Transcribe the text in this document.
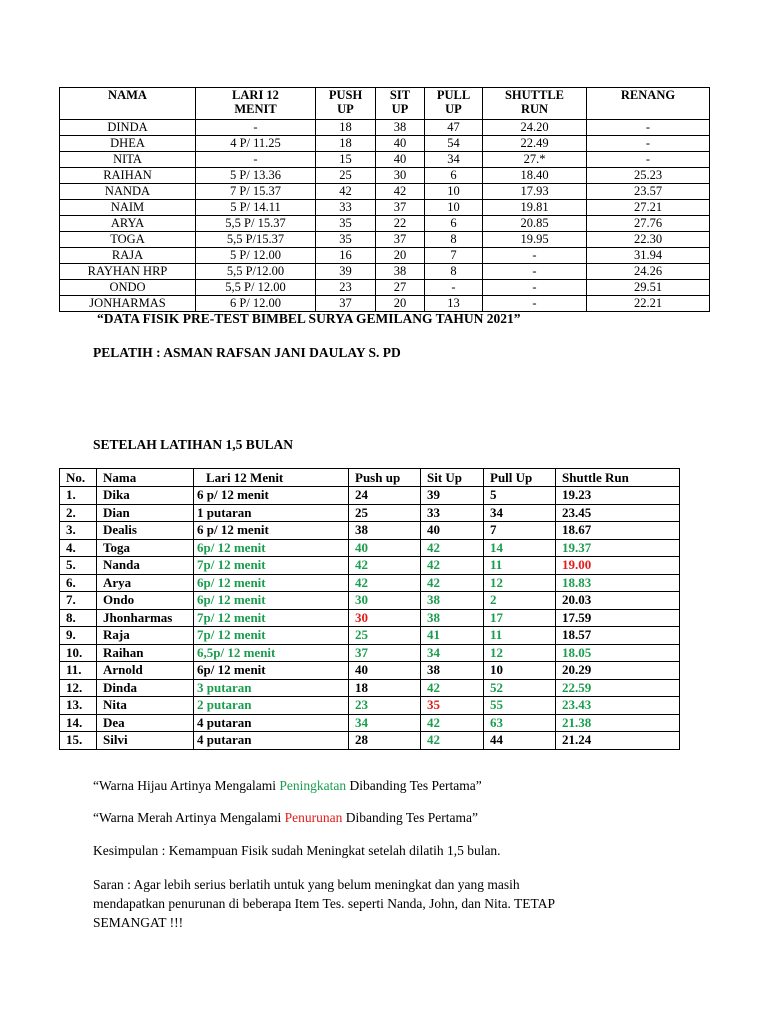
NAMA	LARI 12 MENIT	PUSH UP	SIT UP	PULL UP	SHUTTLE RUN	RENANG
DINDA	-	18	38	47	24.20	-
DHEA	4 P/ 11.25	18	40	54	22.49	-
NITA	-	15	40	34	27.*	-
RAIHAN	5 P/ 13.36	25	30	6	18.40	25.23
NANDA	7 P/ 15.37	42	42	10	17.93	23.57
NAIM	5 P/ 14.11	33	37	10	19.81	27.21
ARYA	5,5 P/ 15.37	35	22	6	20.85	27.76
TOGA	5,5 P/15.37	35	37	8	19.95	22.30
RAJA	5 P/ 12.00	16	20	7	-	31.94
RAYHAN HRP	5,5 P/12.00	39	38	8	-	24.26
ONDO	5,5 P/ 12.00	23	27	-	-	29.51
JONHARMAS	6 P/ 12.00	37	20	13	-	22.21
“DATA FISIK PRE-TEST BIMBEL SURYA GEMILANG TAHUN 2021”
PELATIH : ASMAN RAFSAN JANI DAULAY S. PD
SETELAH LATIHAN 1,5 BULAN
No.	Nama	Lari 12 Menit	Push up	Sit Up	Pull Up	Shuttle Run
1.	Dika	6 p/ 12 menit	24	39	5	19.23
2.	Dian	1 putaran	25	33	34	23.45
3.	Dealis	6 p/ 12 menit	38	40	7	18.67
4.	Toga	6p/ 12 menit	40	42	14	19.37
5.	Nanda	7p/ 12 menit	42	42	11	19.00
6.	Arya	6p/ 12 menit	42	42	12	18.83
7.	Ondo	6p/ 12 menit	30	38	2	20.03
8.	Jhonharmas	7p/ 12 menit	30	38	17	17.59
9.	Raja	7p/ 12 menit	25	41	11	18.57
10.	Raihan	6,5p/ 12 menit	37	34	12	18.05
11.	Arnold	6p/ 12 menit	40	38	10	20.29
12.	Dinda	3 putaran	18	42	52	22.59
13.	Nita	2 putaran	23	35	55	23.43
14.	Dea	4 putaran	34	42	63	21.38
15.	Silvi	4 putaran	28	42	44	21.24
“Warna Hijau Artinya Mengalami Peningkatan Dibanding Tes Pertama”
“Warna Merah Artinya Mengalami Penurunan Dibanding Tes Pertama”
Kesimpulan : Kemampuan Fisik sudah Meningkat setelah dilatih 1,5 bulan.
Saran : Agar lebih serius berlatih untuk yang belum meningkat dan yang masih
mendapatkan penurunan di beberapa Item Tes. seperti Nanda, John, dan Nita. TETAP
SEMANGAT !!!
